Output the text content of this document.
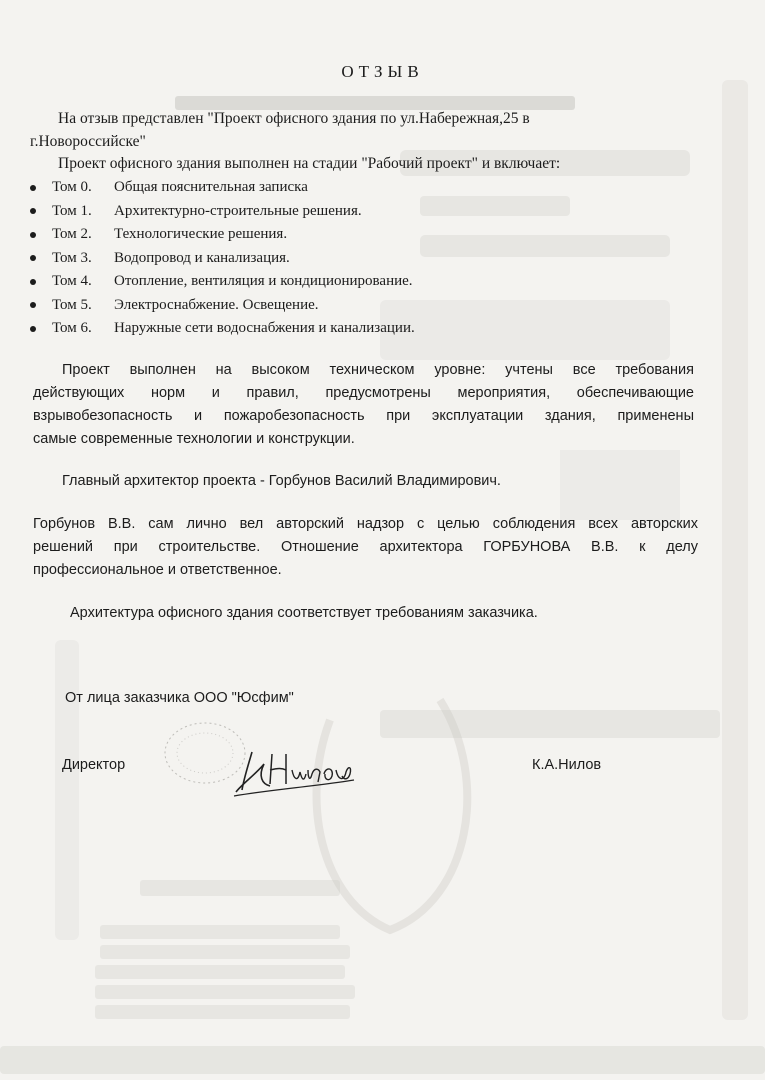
ОТЗЫВ
На отзыв представлен "Проект офисного здания по ул.Набережная,25 в
г.Новороссийске"
Проект офисного здания выполнен на стадии "Рабочий проект" и включает:
Том 0.	Общая пояснительная записка
Том 1.	Архитектурно-строительные решения.
Том 2.	Технологические решения.
Том 3.	Водопровод и канализация.
Том 4.	Отопление, вентиляция и кондиционирование.
Том 5.	Электроснабжение. Освещение.
Том 6.	Наружные сети водоснабжения и канализации.
Проект выполнен на высоком техническом уровне: учтены все требования
действующих норм и правил, предусмотрены мероприятия, обеспечивающие
взрывобезопасность и пожаробезопасность при эксплуатации здания, применены
самые современные технологии и конструкции.
Главный архитектор проекта - Горбунов Василий Владимирович.
Горбунов В.В. сам лично вел авторский надзор с целью соблюдения всех авторских
решений при строительстве. Отношение архитектора ГОРБУНОВА В.В. к делу
профессиональное и ответственное.
Архитектура офисного здания соответствует требованиям заказчика.
От лица заказчика ООО "Юсфим"
Директор	К.А.Нилов
